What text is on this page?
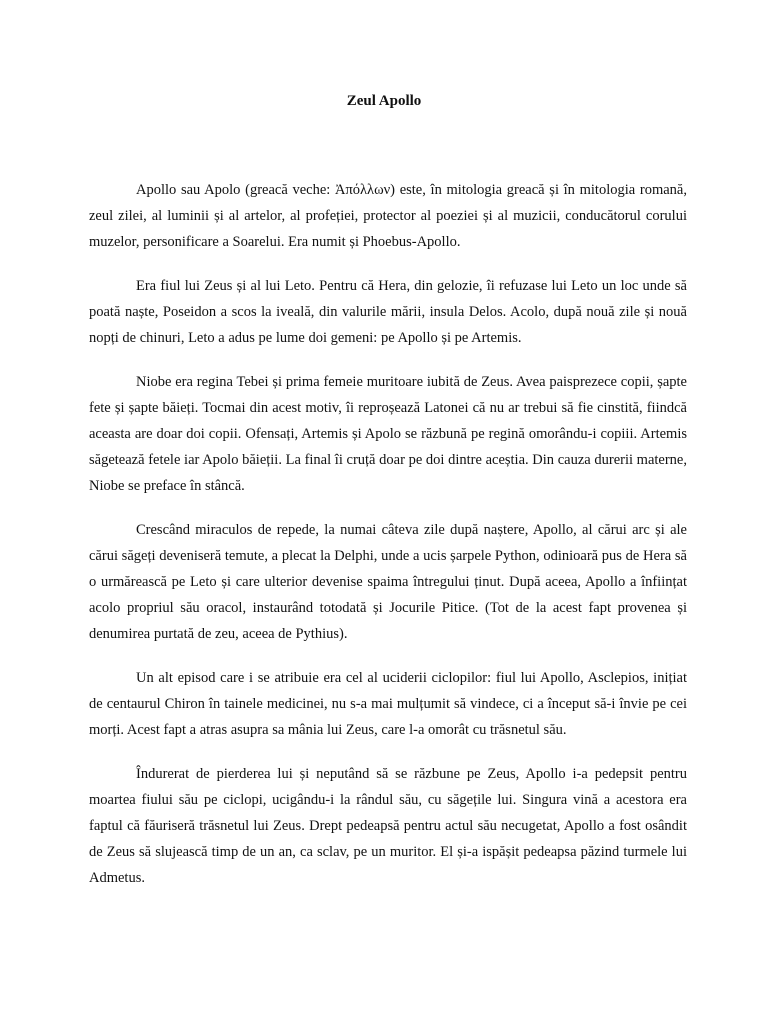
Zeul Apollo

Apollo sau Apolo (greacă veche: Ἀπόλλων) este, în mitologia greacă și în mitologia romană, zeul zilei, al luminii și al artelor, al profeției, protector al poeziei și al muzicii, conducătorul corului muzelor, personificare a Soarelui. Era numit și Phoebus-Apollo.

Era fiul lui Zeus și al lui Leto. Pentru că Hera, din gelozie, îi refuzase lui Leto un loc unde să poată naște, Poseidon a scos la iveală, din valurile mării, insula Delos. Acolo, după nouă zile și nouă nopți de chinuri, Leto a adus pe lume doi gemeni: pe Apollo și pe Artemis.

Niobe era regina Tebei și prima femeie muritoare iubită de Zeus. Avea paisprezece copii, șapte fete și șapte băieți. Tocmai din acest motiv, îi reproșează Latonei că nu ar trebui să fie cinstită, fiindcă aceasta are doar doi copii. Ofensați, Artemis și Apolo se răzbună pe regină omorându-i copiii. Artemis săgetează fetele iar Apolo băieții. La final îi cruță doar pe doi dintre aceștia. Din cauza durerii materne, Niobe se preface în stâncă.

Crescând miraculos de repede, la numai câteva zile după naștere, Apollo, al cărui arc și ale cărui săgeți deveniseră temute, a plecat la Delphi, unde a ucis șarpele Python, odinioară pus de Hera să o urmărească pe Leto și care ulterior devenise spaima întregului ținut. După aceea, Apollo a înființat acolo propriul său oracol, instaurând totodată și Jocurile Pitice. (Tot de la acest fapt provenea și denumirea purtată de zeu, aceea de Pythius).

Un alt episod care i se atribuie era cel al uciderii ciclopilor: fiul lui Apollo, Asclepios, inițiat de centaurul Chiron în tainele medicinei, nu s-a mai mulțumit să vindece, ci a început să-i învie pe cei morți. Acest fapt a atras asupra sa mânia lui Zeus, care l-a omorât cu trăsnetul său.

Îndurerat de pierderea lui și neputând să se răzbune pe Zeus, Apollo i-a pedepsit pentru moartea fiului său pe ciclopi, ucigându-i la rândul său, cu săgețile lui. Singura vină a acestora era faptul că făuriseră trăsnetul lui Zeus. Drept pedeapsă pentru actul său necugetat, Apollo a fost osândit de Zeus să slujească timp de un an, ca sclav, pe un muritor. El și-a ispășit pedeapsa păzind turmele lui Admetus.
